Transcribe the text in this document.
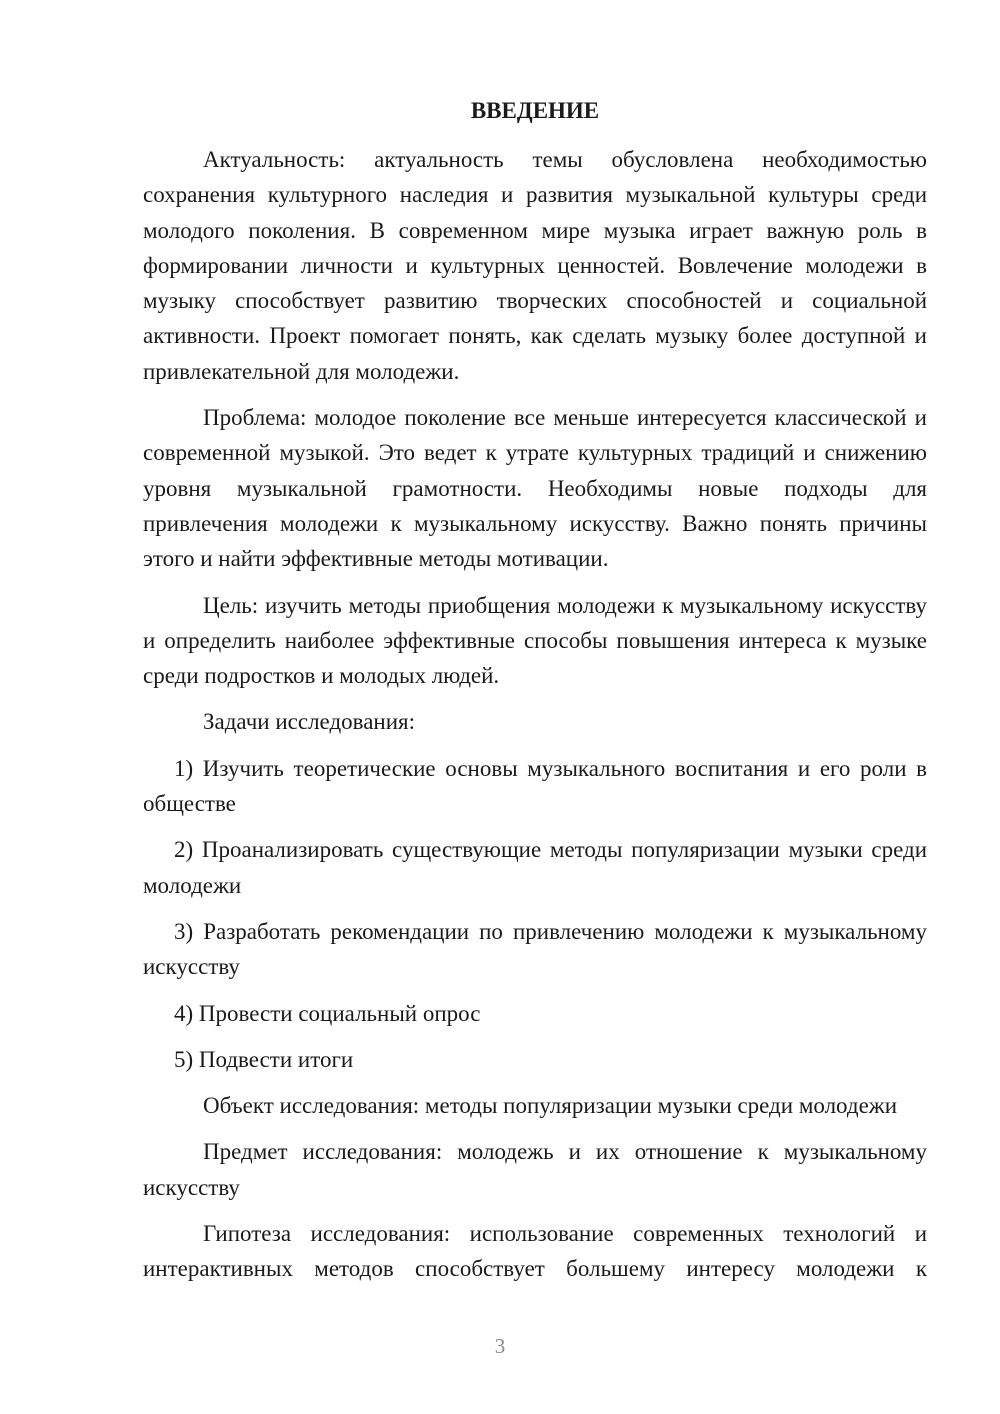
ВВЕДЕНИЕ

Актуальность: актуальность темы обусловлена необходимостью сохранения культурного наследия и развития музыкальной культуры среди молодого поколения. В современном мире музыка играет важную роль в формировании личности и культурных ценностей. Вовлечение молодежи в музыку способствует развитию творческих способностей и социальной активности. Проект помогает понять, как сделать музыку более доступной и привлекательной для молодежи.

Проблема: молодое поколение все меньше интересуется классической и современной музыкой. Это ведет к утрате культурных традиций и снижению уровня музыкальной грамотности. Необходимы новые подходы для привлечения молодежи к музыкальному искусству. Важно понять причины этого и найти эффективные методы мотивации.

Цель: изучить методы приобщения молодежи к музыкальному искусству и определить наиболее эффективные способы повышения интереса к музыке среди подростков и молодых людей.

Задачи исследования:

1) Изучить теоретические основы музыкального воспитания и его роли в обществе

2) Проанализировать существующие методы популяризации музыки среди молодежи

3) Разработать рекомендации по привлечению молодежи к музыкальному искусству

4) Провести социальный опрос

5) Подвести итоги

Объект исследования: методы популяризации музыки среди молодежи

Предмет исследования: молодежь и их отношение к музыкальному искусству

Гипотеза исследования: использование современных технологий и интерактивных методов способствует большему интересу молодежи к

3
